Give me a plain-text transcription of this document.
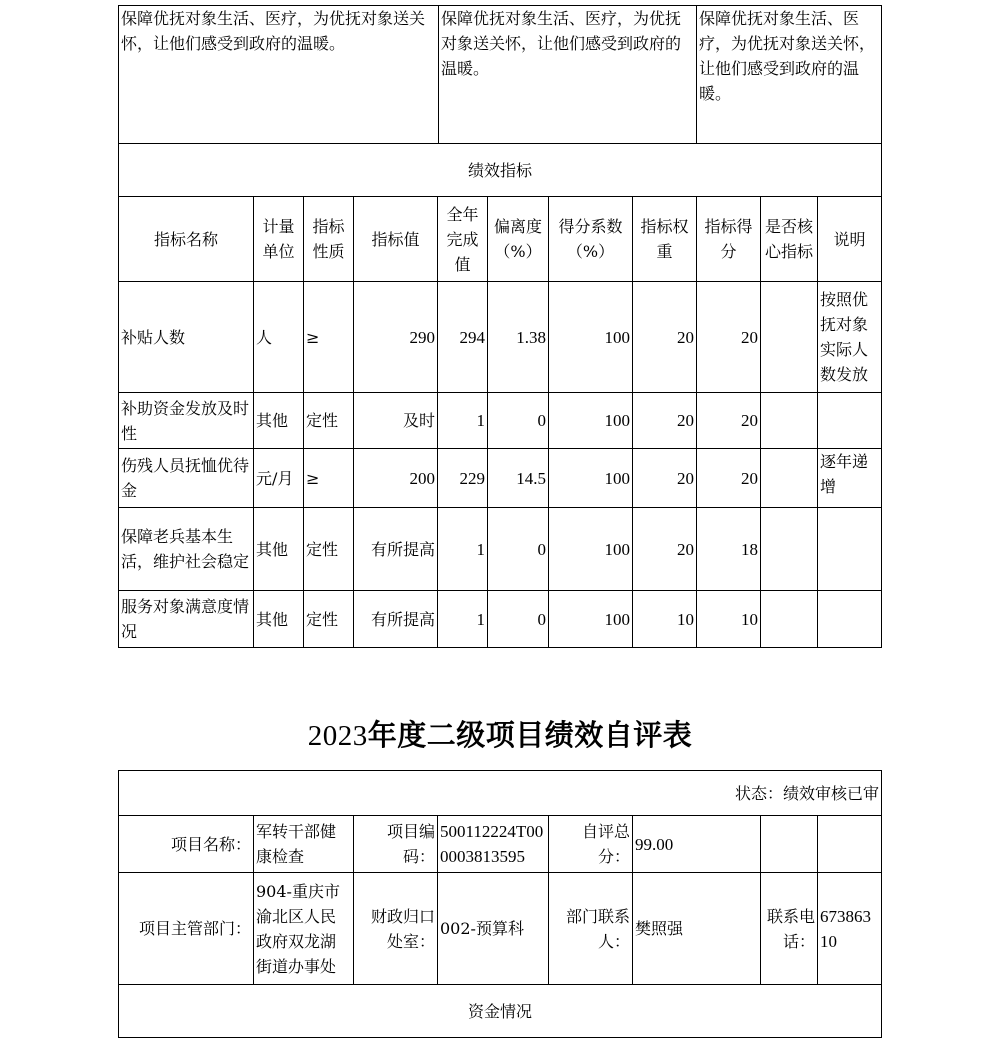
保障优抚对象生活、医疗，为优抚对象送关怀，让他们感受到政府的温暖。	保障优抚对象生活、医疗，为优抚对象送关怀，让他们感受到政府的温暖。	保障优抚对象生活、医疗，为优抚对象送关怀，让他们感受到政府的温暖。
绩效指标										
指标名称	计量单位	指标性质	指标值	全年完成值	偏离度（%）	得分系数（%）	指标权重	指标得分	是否核心指标	说明
补贴人数	人	≥	290	294	1.38	100	20	20		按照优抚对象实际人数发放
补助资金发放及时性	其他	定性	及时	1	0	100	20	20		
伤残人员抚恤优待金	元/月	≥	200	229	14.5	100	20	20		逐年递增
保障老兵基本生活，维护社会稳定	其他	定性	有所提高	1	0	100	20	18		
服务对象满意度情况	其他	定性	有所提高	1	0	100	10	10		
2023年度二级项目绩效自评表
状态：绩效审核已审							
项目名称：	军转干部健康检查	项目编码：	500112224T000003813595	自评总分：	99.00		
项目主管部门：	904-重庆市渝北区人民政府双龙湖街道办事处	财政归口处室：	002-预算科	部门联系人：	樊照强	联系电话：	67386310
资金情况							
